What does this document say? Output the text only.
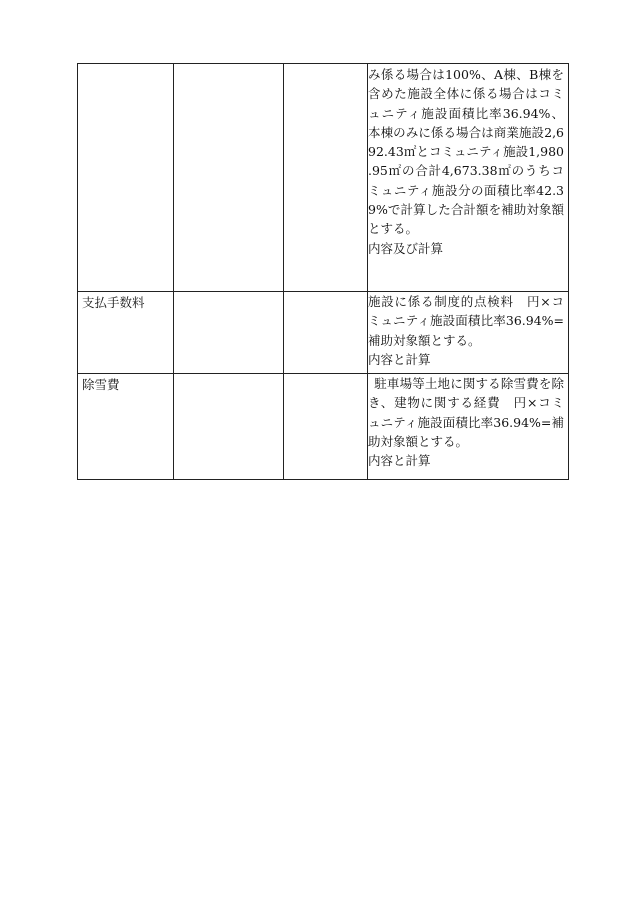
			み係る場合は100%、A棟、B棟を含めた施設全体に係る場合はコミュニティ施設面積比率36.94%、本棟のみに係る場合は商業施設2,692.43㎡とコミュニティ施設1,980.95㎡の合計4,673.38㎡のうちコミュニティ施設分の面積比率42.39%で計算した合計額を補助対象額とする。
内容及び計算

支払手数料			施設に係る制度的点検料　円×コミュニティ施設面積比率36.94%=補助対象額とする。
内容と計算

除雪費			駐車場等土地に関する除雪費を除き、建物に関する経費　円×コミュニティ施設面積比率36.94%=補助対象額とする。
内容と計算
